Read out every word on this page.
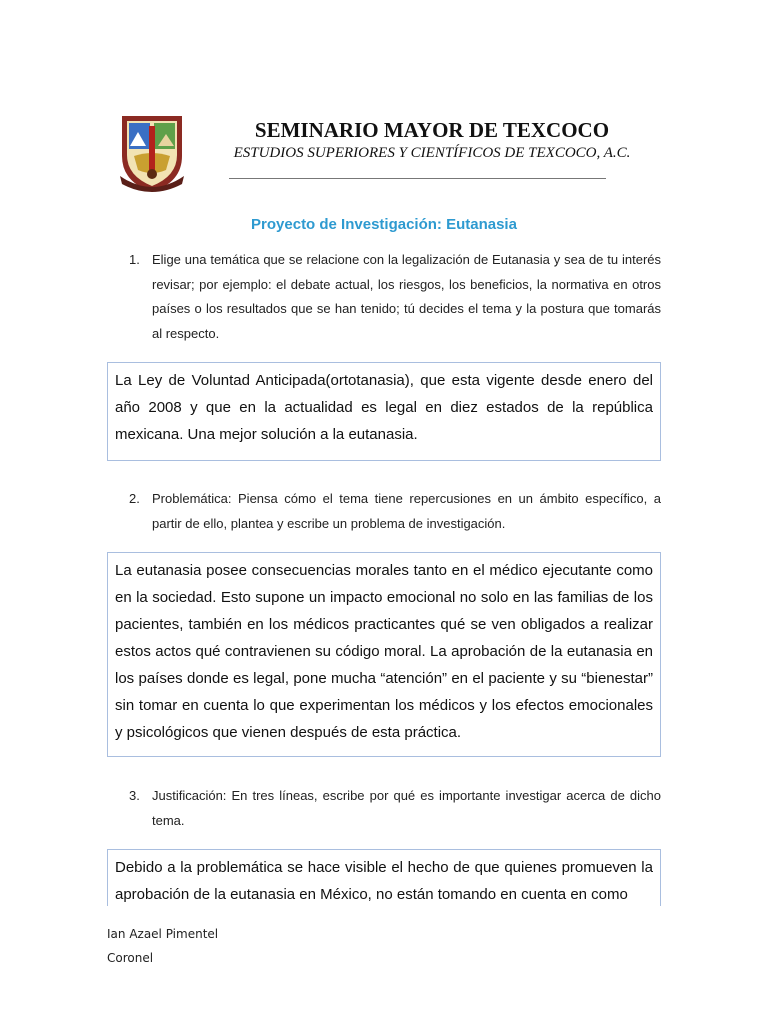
SEMINARIO MAYOR DE TEXCOCO
ESTUDIOS SUPERIORES Y CIENTÍFICOS DE TEXCOCO, A.C.
Proyecto de Investigación: Eutanasia
1. Elige una temática que se relacione con la legalización de Eutanasia y sea de tu interés revisar; por ejemplo: el debate actual, los riesgos, los beneficios, la normativa en otros países o los resultados que se han tenido; tú decides el tema y la postura que tomarás al respecto.
La Ley de Voluntad Anticipada(ortotanasia), que esta vigente desde enero del año 2008 y que en la actualidad es legal en diez estados de la república mexicana. Una mejor solución a la eutanasia.
2. Problemática: Piensa cómo el tema tiene repercusiones en un ámbito específico, a partir de ello, plantea y escribe un problema de investigación.
La eutanasia posee consecuencias morales tanto en el médico ejecutante como en la sociedad. Esto supone un impacto emocional no solo en las familias de los pacientes, también en los médicos practicantes qué se ven obligados a realizar estos actos qué contravienen su código moral. La aprobación de la eutanasia en los países donde es legal, pone mucha “atención” en el paciente y su “bienestar” sin tomar en cuenta lo que experimentan los médicos y los efectos emocionales y psicológicos que vienen después de esta práctica.
3. Justificación: En tres líneas, escribe por qué es importante investigar acerca de dicho tema.
Debido a la problemática se hace visible el hecho de que quienes promueven la aprobación de la eutanasia en México, no están tomando en cuenta en como
Ian Azael Pimentel
Coronel
